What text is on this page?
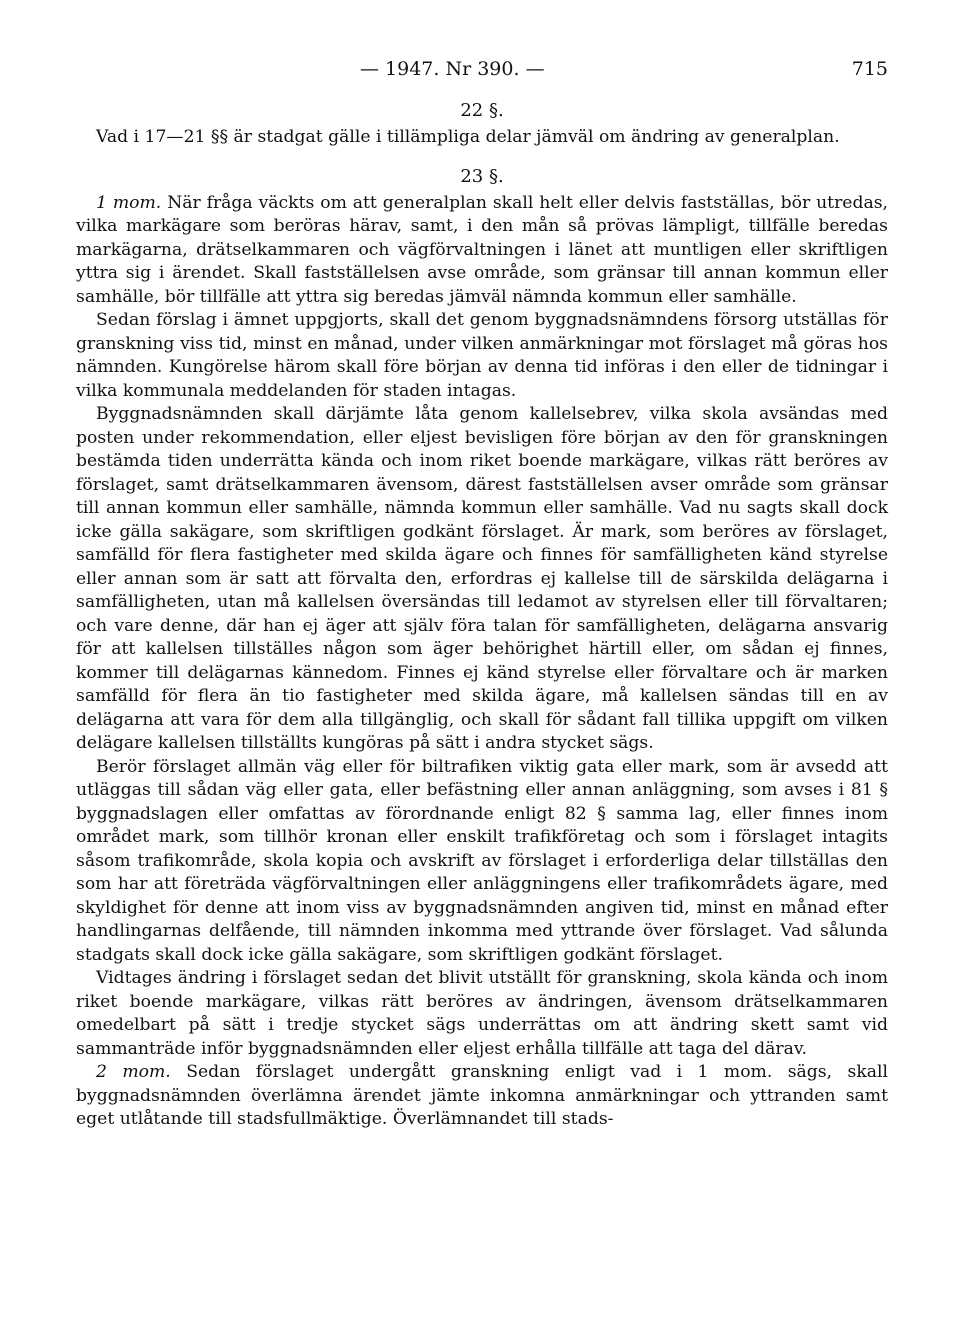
— 1947. Nr 390. —	715
22 §.

Vad i 17—21 §§ är stadgat gälle i tillämpliga delar jämväl om ändring av generalplan.

23 §.

1 mom. När fråga väckts om att generalplan skall helt eller delvis fastställas, bör utredas, vilka markägare som beröras härav, samt, i den mån så prövas lämpligt, tillfälle beredas markägarna, drätselkammaren och vägförvaltningen i länet att muntligen eller skriftligen yttra sig i ärendet. Skall fastställelsen avse område, som gränsar till annan kommun eller samhälle, bör tillfälle att yttra sig beredas jämväl nämnda kommun eller samhälle.

Sedan förslag i ämnet uppgjorts, skall det genom byggnadsnämndens försorg utställas för granskning viss tid, minst en månad, under vilken anmärkningar mot förslaget må göras hos nämnden. Kungörelse härom skall före början av denna tid införas i den eller de tidningar i vilka kommunala meddelanden för staden intagas.

Byggnadsnämnden skall därjämte låta genom kallelsebrev, vilka skola avsändas med posten under rekommendation, eller eljest bevisligen före början av den för granskningen bestämda tiden underrätta kända och inom riket boende markägare, vilkas rätt beröres av förslaget, samt drätselkammaren ävensom, därest fastställelsen avser område som gränsar till annan kommun eller samhälle, nämnda kommun eller samhälle. Vad nu sagts skall dock icke gälla sakägare, som skriftligen godkänt förslaget. Är mark, som beröres av förslaget, samfälld för flera fastigheter med skilda ägare och finnes för samfälligheten känd styrelse eller annan som är satt att förvalta den, erfordras ej kallelse till de särskilda delägarna i samfälligheten, utan må kallelsen översändas till ledamot av styrelsen eller till förvaltaren; och vare denne, där han ej äger att själv föra talan för samfälligheten, delägarna ansvarig för att kallelsen tillställes någon som äger behörighet härtill eller, om sådan ej finnes, kommer till delägarnas kännedom. Finnes ej känd styrelse eller förvaltare och är marken samfälld för flera än tio fastigheter med skilda ägare, må kallelsen sändas till en av delägarna att vara för dem alla tillgänglig, och skall för sådant fall tillika uppgift om vilken delägare kallelsen tillställts kungöras på sätt i andra stycket sägs.

Berör förslaget allmän väg eller för biltrafiken viktig gata eller mark, som är avsedd att utläggas till sådan väg eller gata, eller befästning eller annan anläggning, som avses i 81 § byggnadslagen eller omfattas av förordnande enligt 82 § samma lag, eller finnes inom området mark, som tillhör kronan eller enskilt trafikföretag och som i förslaget intagits såsom trafikområde, skola kopia och avskrift av förslaget i erforderliga delar tillställas den som har att företräda vägförvaltningen eller anläggningens eller trafikområdets ägare, med skyldighet för denne att inom viss av byggnadsnämnden angiven tid, minst en månad efter handlingarnas delfående, till nämnden inkomma med yttrande över förslaget. Vad sålunda stadgats skall dock icke gälla sakägare, som skriftligen godkänt förslaget.

Vidtages ändring i förslaget sedan det blivit utställt för granskning, skola kända och inom riket boende markägare, vilkas rätt beröres av ändringen, ävensom drätselkammaren omedelbart på sätt i tredje stycket sägs underrättas om att ändring skett samt vid sammanträde inför byggnadsnämnden eller eljest erhålla tillfälle att taga del därav.

2 mom. Sedan förslaget undergått granskning enligt vad i 1 mom. sägs, skall byggnadsnämnden överlämna ärendet jämte inkomna anmärkningar och yttranden samt eget utlåtande till stadsfullmäktige. Överlämnandet till stads-
